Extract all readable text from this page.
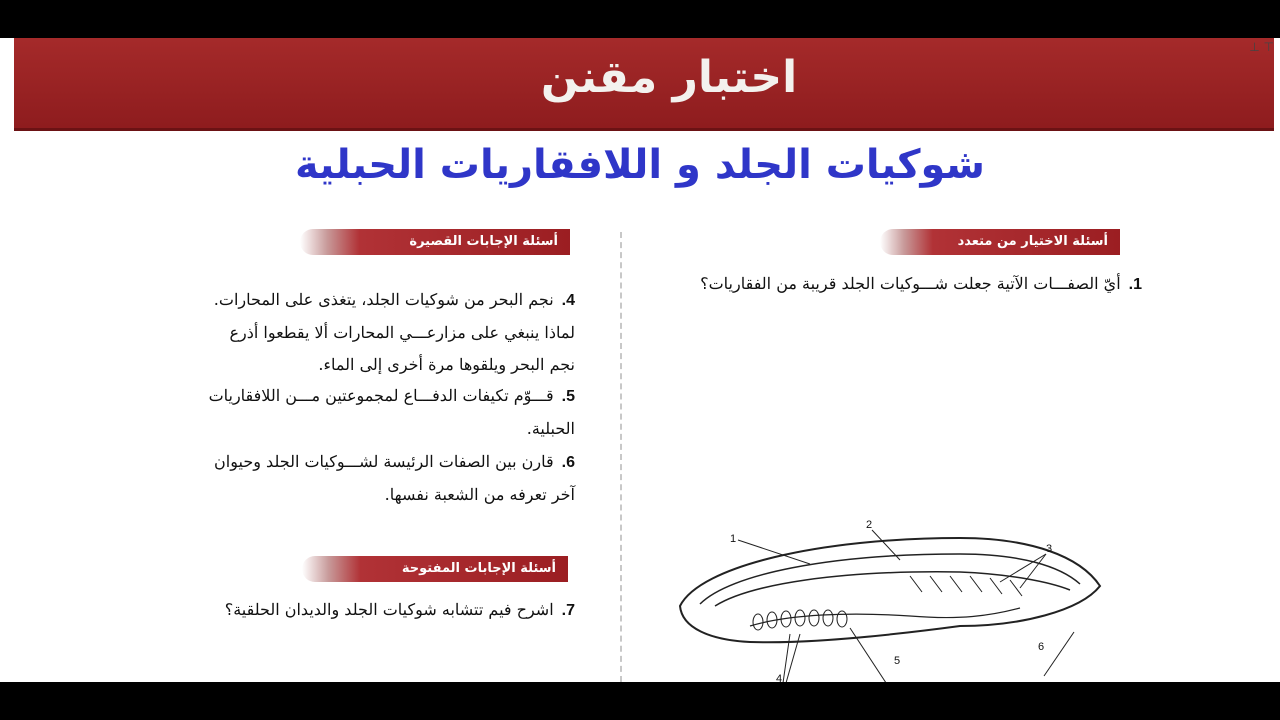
اختبار مقنن
⊥ ⊤
شوكيات الجلد و اللافقاريات الحبلية
أسئلة الاختيار من متعدد
1.أيّ الصفـــات الآتية جعلت شـــوكيات الجلد قريبة من الفقاريات؟
1
2
3
4
5
6
أسئلة الإجابات القصيرة
4.نجم البحر من شوكيات الجلد، يتغذى على المحارات.
لماذا ينبغي على مزارعـــي المحارات ألا يقطعوا أذرع
نجم البحر ويلقوها مرة أخرى إلى الماء.
5.قـــوّم تكيفات الدفـــاع لمجموعتين مـــن اللافقاريات
الحبلية.
6.قارن بين الصفات الرئيسة لشـــوكيات الجلد وحيوان
آخر تعرفه من الشعبة نفسها.
أسئلة الإجابات المفتوحة
7.اشرح فيم تتشابه شوكيات الجلد والديدان الحلقية؟
